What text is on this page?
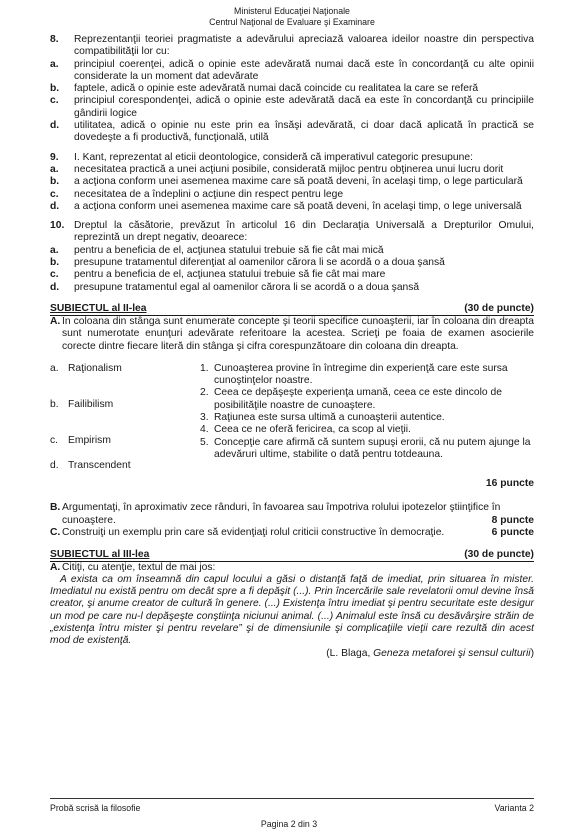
Ministerul Educaţiei Naţionale
Centrul Naţional de Evaluare şi Examinare
8.	Reprezentanţii teoriei pragmatiste a adevărului apreciază valoarea ideilor noastre din perspectiva compatibilităţii lor cu:
a.	principiul coerenţei, adică o opinie este adevărată numai dacă este în concordanţă cu alte opinii considerate la un moment dat adevărate
b.	faptele, adică o opinie este adevărată numai dacă coincide cu realitatea la care se referă
c.	principiul corespondenţei, adică o opinie este adevărată dacă ea este în concordanţă cu principiile gândirii logice
d.	utilitatea, adică o opinie nu este prin ea însăşi adevărată, ci doar dacă aplicată în practică se dovedeşte a fi productivă, funcţională, utilă
9.	I. Kant, reprezentat al eticii deontologice, consideră că imperativul categoric presupune:
a.	necesitatea practică a unei acţiuni posibile, considerată mijloc pentru obţinerea unui lucru dorit
b.	a acţiona conform unei asemenea maxime care să poată deveni, în acelaşi timp, o lege particulară
c.	necesitatea de a îndeplini o acţiune din respect pentru lege
d.	a acţiona conform unei asemenea maxime care să poată deveni, în acelaşi timp, o lege universală
10. Dreptul la căsătorie, prevăzut în articolul 16 din Declaraţia Universală a Drepturilor Omului, reprezintă un drept negativ, deoarece:
a.	pentru a beneficia de el, acţiunea statului trebuie să fie cât mai mică
b.	presupune tratamentul diferenţiat al oamenilor cărora li se acordă o a doua şansă
c.	pentru a beneficia de el, acţiunea statului trebuie să fie cât mai mare
d.	presupune tratamentul egal al oamenilor cărora li se acordă o a doua şansă
SUBIECTUL al II-lea	(30 de puncte)
A. În coloana din stânga sunt enumerate concepte şi teorii specifice cunoaşterii, iar în coloana din dreapta sunt numerotate enunţuri adevărate referitoare la acestea. Scrieţi pe foaia de examen asocierile corecte dintre fiecare literă din stânga şi cifra corespunzătoare din coloana din dreapta.
a. Raţionalism
b. Failibilism
c. Empirism
d. Transcendent
1. Cunoaşterea provine în întregime din experienţă care este sursa cunoştinţelor noastre.
2. Ceea ce depăşeşte experienţa umană, ceea ce este dincolo de posibilităţile noastre de cunoaştere.
3. Raţiunea este sursa ultimă a cunoaşterii autentice.
4. Ceea ce ne oferă fericirea, ca scop al vieţii.
5. Concepţie care afirmă că suntem supuşi erorii, că nu putem ajunge la adevăruri ultime, stabilite o dată pentru totdeauna.
16 puncte
B. Argumentaţi, în aproximativ zece rânduri, în favoarea sau împotriva rolului ipotezelor ştiinţifice în cunoaştere.	8 puncte
C. Construiţi un exemplu prin care să evidenţiaţi rolul criticii constructive în democraţie.	6 puncte
SUBIECTUL al III-lea	(30 de puncte)
A. Citiţi, cu atenţie, textul de mai jos:
A exista ca om înseamnă din capul locului a găsi o distanţă faţă de imediat, prin situarea în mister. Imediatul nu există pentru om decât spre a fi depăşit (...). Prin încercările sale revelatorii omul devine însă creator, şi anume creator de cultură în genere. (...) Existenţa întru imediat şi pentru securitate este desigur un mod pe care nu-l depăşeşte conştiinţa niciunui animal. (...) Animalul este însă cu desăvârşire străin de „existenţa întru mister şi pentru revelare” şi de dimensiunile şi complicaţiile vieţii care rezultă din acest mod de existenţă.
(L. Blaga, Geneza metaforei şi sensul culturii)
Probă scrisă la filosofie	Varianta 2
Pagina 2 din 3
